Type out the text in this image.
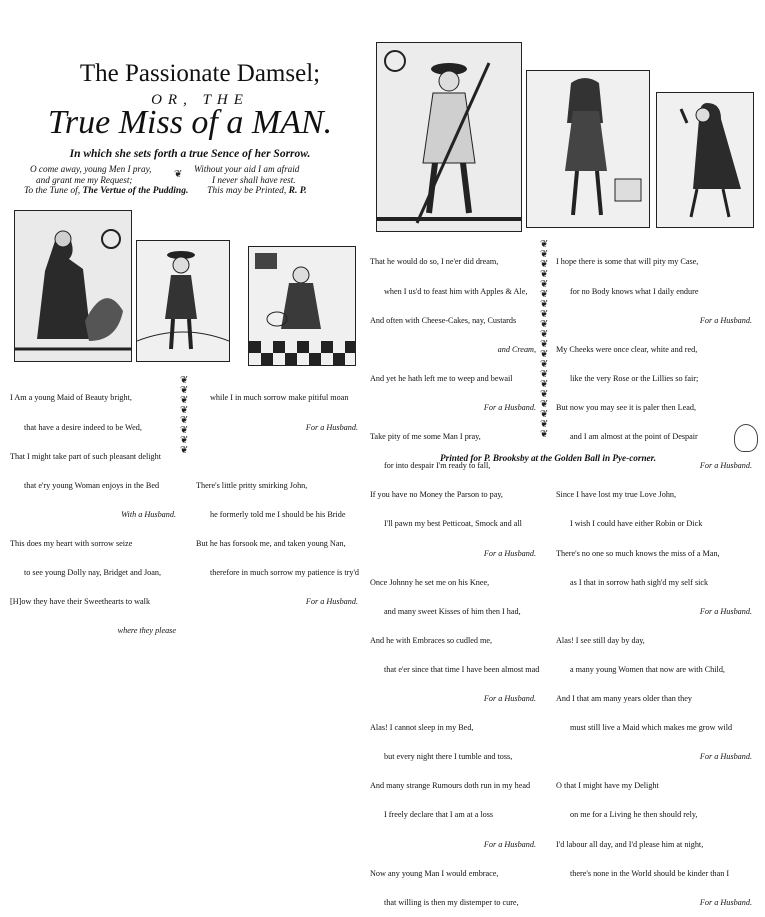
The Passionate Damsel;
OR, THE
True Miss of a MAN.
In which she sets forth a true Sence of her Sorrow.
O come away, young Men I pray,
and grant me my Request;	❦ Without your aid I am afraid
I never shall have rest.
To the Tune of, The Vertue of the Pudding. This may be Printed, R. P.

I Am a young Maid of Beauty bright,

that have a desire indeed to be Wed,

That I might take part of such pleasant delight

that e'ry young Woman enjoys in the Bed

With a Husband.

This does my heart with sorrow seize

to see young Dolly nay, Bridget and Joan,

[H]ow they have their Sweethearts to walk

where they please

❦
❦
❦
❦
❦
❦
❦
❦

while I in much sorrow make pitiful moan

For a Husband.

There's little pritty smirking John,

he formerly told me I should be his Bride

But he has forsook me, and taken young Nan,

therefore in much sorrow my patience is try'd

For a Husband.

That he would do so, I ne'er did dream,

when I us'd to feast him with Apples & Ale,

And often with Cheese-Cakes, nay, Custards

and Cream,

And yet he hath left me to weep and bewail

For a Husband.

Take pity of me some Man I pray,

for into despair I'm ready to fall,

If you have no Money the Parson to pay,

I'll pawn my best Petticoat, Smock and all

For a Husband.

Once Johnny he set me on his Knee,

and many sweet Kisses of him then I had,

And he with Embraces so cudled me,

that e'er since that time I have been almost mad

For a Husband.

Alas! I cannot sleep in my Bed,

but every night there I tumble and toss,

And many strange Rumours doth run in my head

I freely declare that I am at a loss

For a Husband.

Now any young Man I would embrace,

that willing is then my distemper to cure,

❦
❦
❦
❦
❦
❦
❦
❦
❦
❦
❦
❦
❦
❦
❦
❦
❦
❦
❦
❦

I hope there is some that will pity my Case,

for no Body knows what I daily endure

For a Husband.

My Cheeks were once clear, white and red,

like the very Rose or the Lillies so fair;

But now you may see it is paler then Lead,

and I am almost at the point of Despair

For a Husband.

Since I have lost my true Love John,

I wish I could have either Robin or Dick

There's no one so much knows the miss of a Man,

as I that in sorrow hath sigh'd my self sick

For a Husband.

Alas! I see still day by day,

a many young Women that now are with Child,

And I that am many years older than they

must still live a Maid which makes me grow wild

For a Husband.

O that I might have my Delight

on me for a Living he then should rely,

I'd labour all day, and I'd please him at night,

there's none in the World should be kinder than I

For a Husband.

Printed for P. Brooksby at the Golden Ball in Pye-corner.
